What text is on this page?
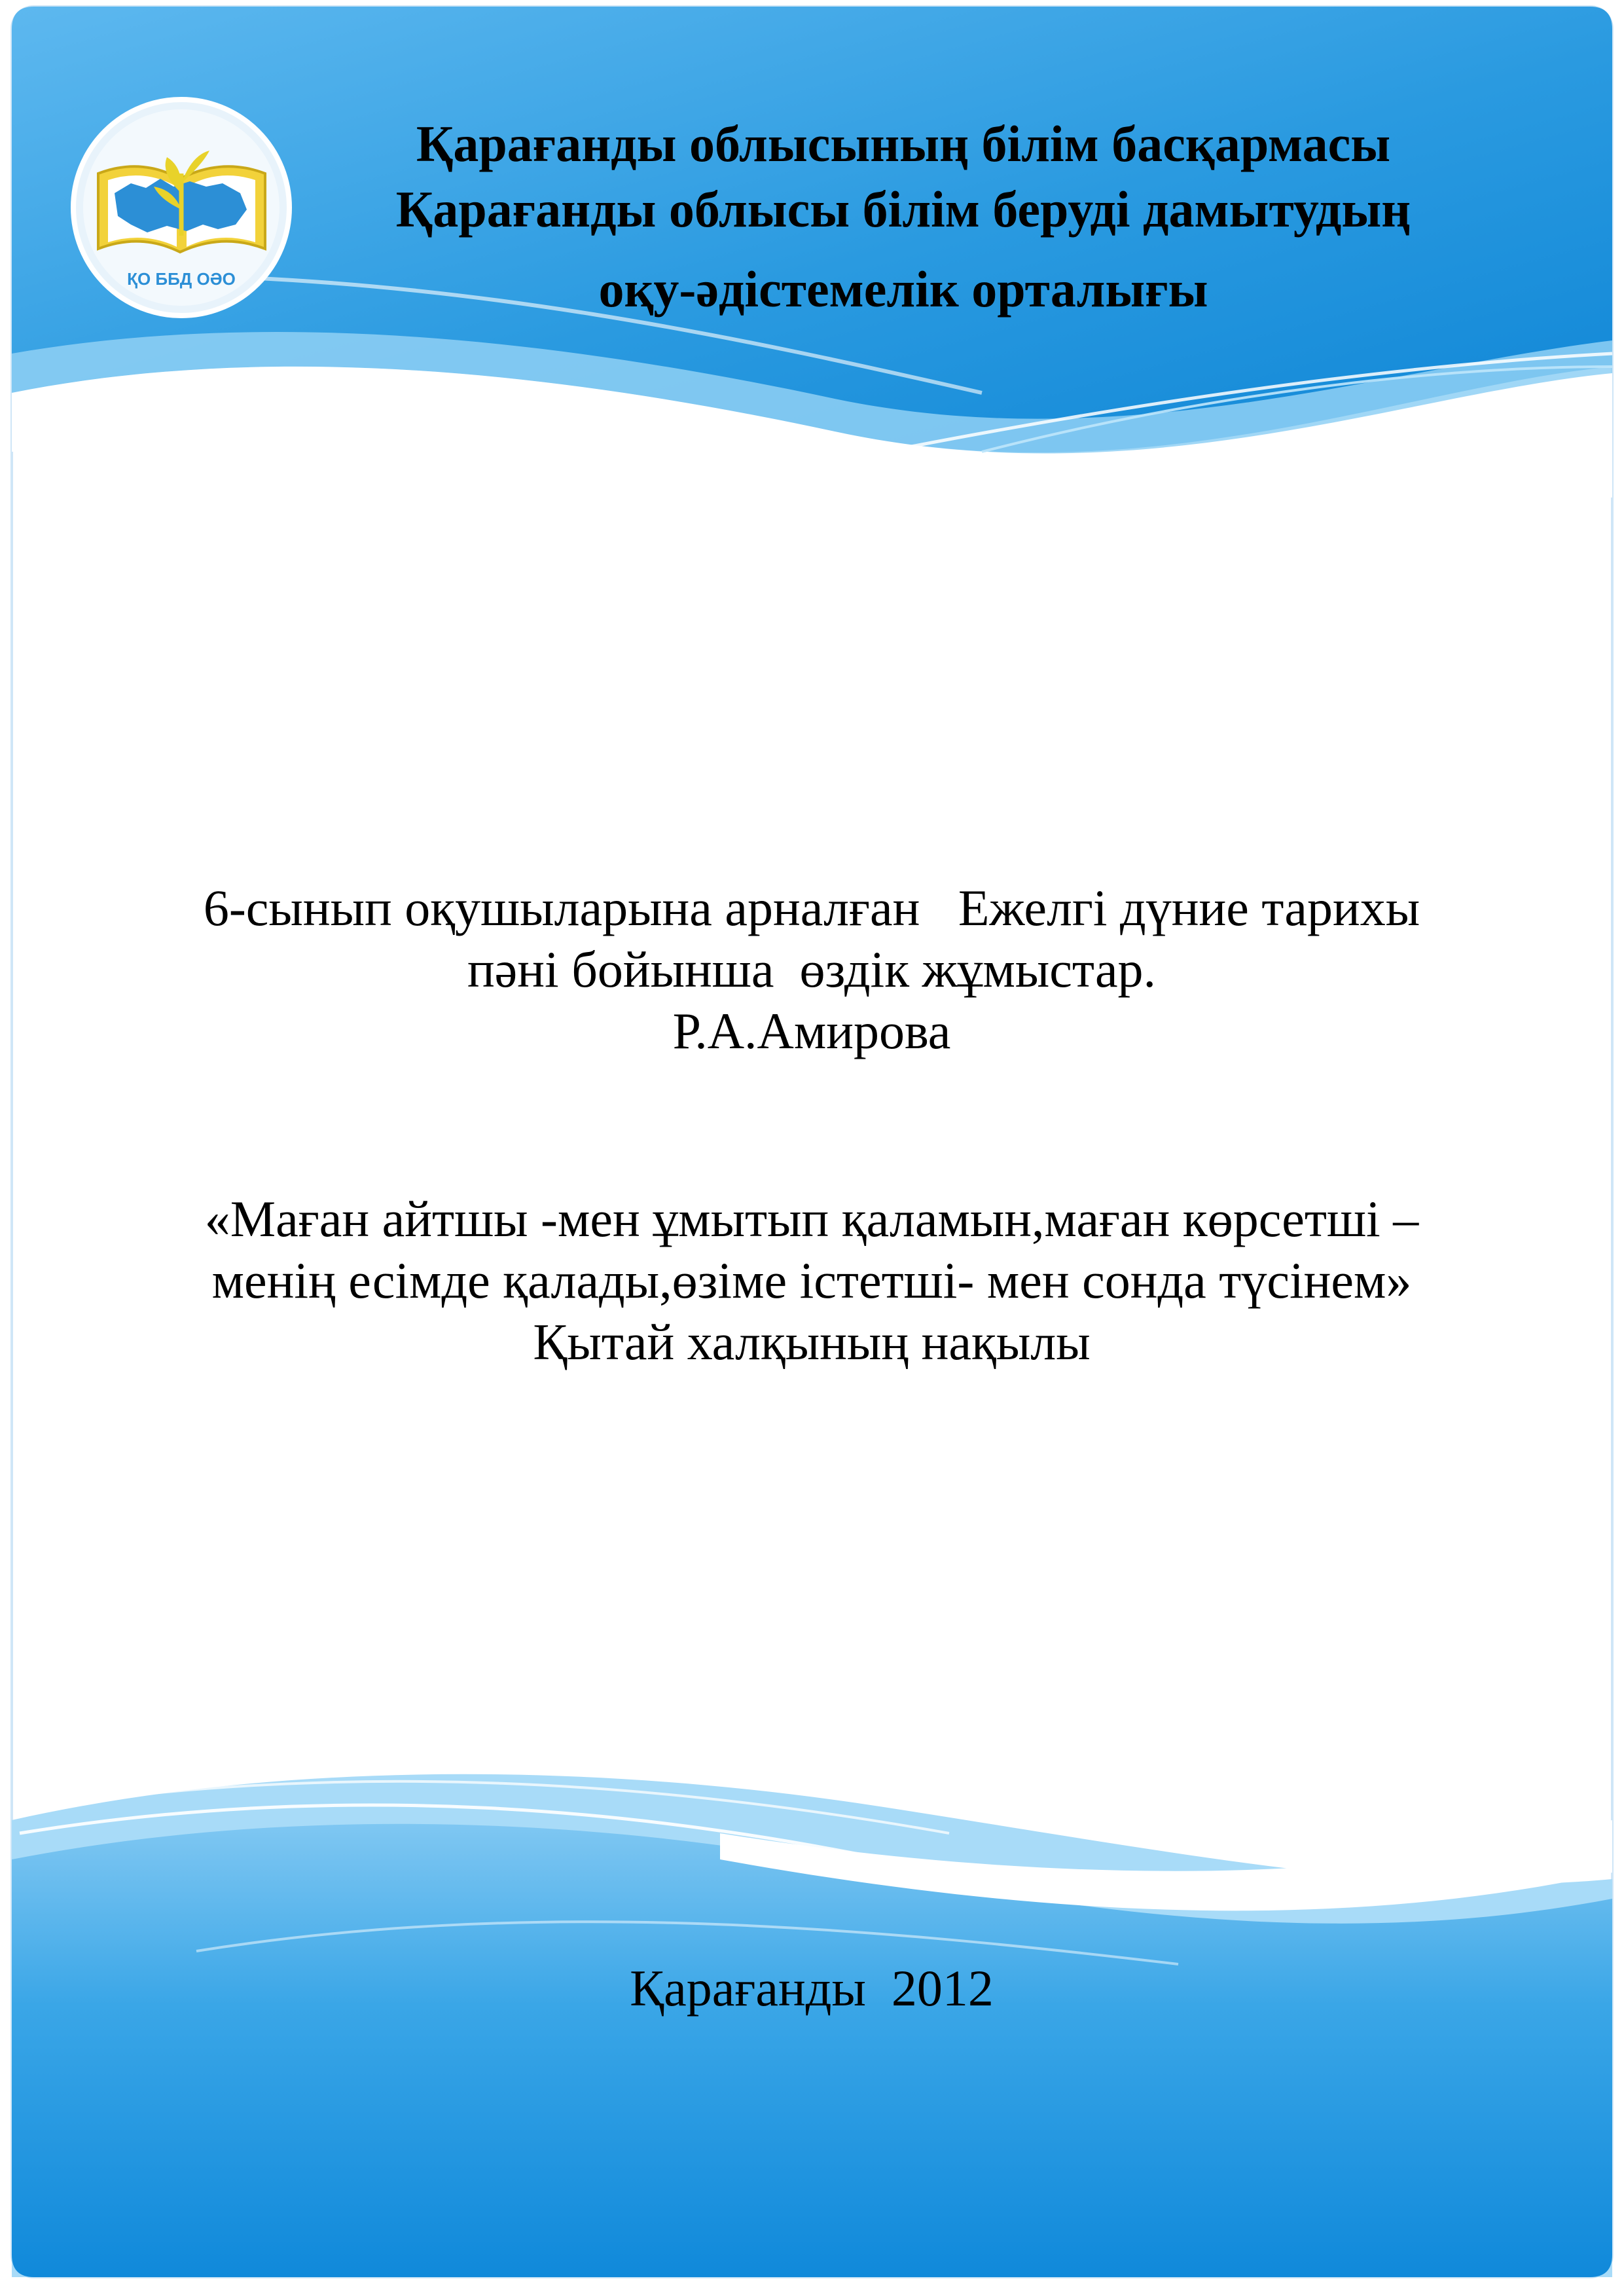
ҚО ББД ОӘО
Қарағанды облысының білім басқармасы
Қарағанды облысы білім беруді дамытудың
оқу-әдістемелік орталығы
6-сынып оқушыларына арналған   Ежелгі дүние тарихы
пәні бойынша  өздік жұмыстар.
Р.А.Амирова
«Маған айтшы -мен ұмытып қаламын,маған көрсетші –
менің есімде қалады,өзіме істетші- мен сонда түсінем»
Қытай халқының нақылы
Қарағанды  2012
